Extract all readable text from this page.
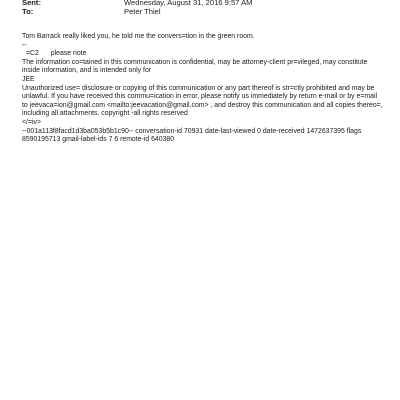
Sent:	Wednesday, August 31, 2016 9:57 AM
To:	Peter Thiel

Tom Barrack really liked you, he told me the convers=tion in the green room.

--

=C2 please note

The information co=tained in this communication is confidential, may be attorney-client pr=vileged, may constitute inside information, and is intended only for

JEE

Unauthorized use= disclosure or copying of this communication or any part thereof is str=ctly prohibited and may be unlawful. If you have received this commu=ication in error, please notify us immediately by return e-mail or by e=mail to jeevaca=ion@gmail.com <mailto:jeevacation@gmail.com> , and destroy this communication and all copies thereo=, including all attachments. copyright -all rights reserved

</=iv>

--001a113f8facd1d3ba053b5b1c90-- conversation-id 70931 date-last-viewed 0 date-received 1472637395 flags 8590195713 gmail-label-ids 7 6 remote-id 640380
